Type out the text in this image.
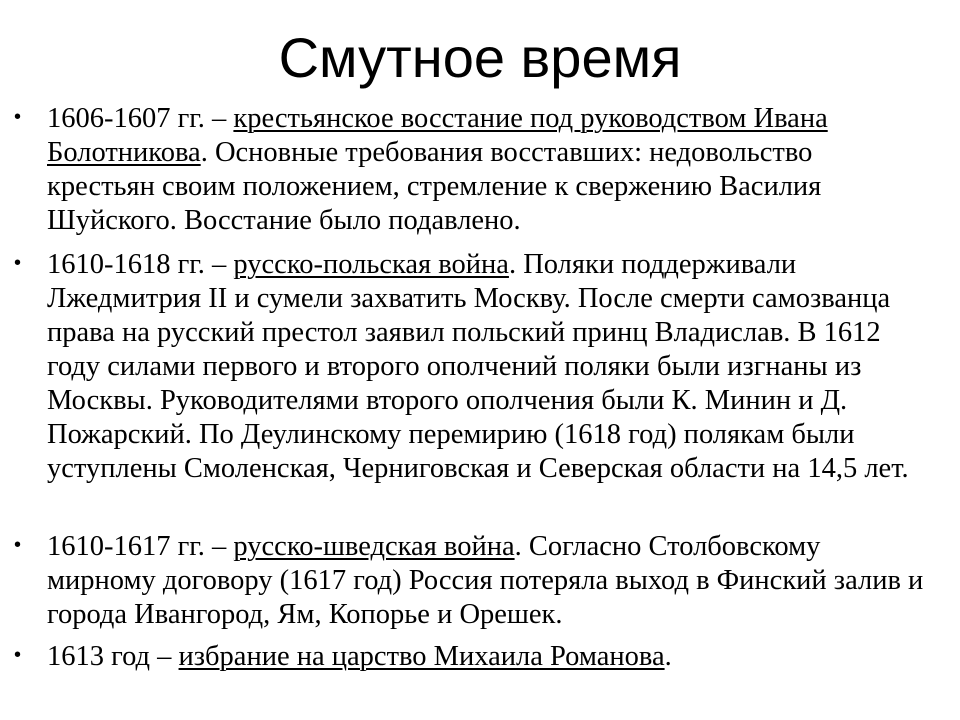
Смутное время
• 1606-1607 гг. – крестьянское восстание под руководством Ивана Болотникова. Основные требования восставших: недовольство крестьян своим положением, стремление к свержению Василия Шуйского. Восстание было подавлено.
• 1610-1618 гг. – русско-польская война. Поляки поддерживали Лжедмитрия II и сумели захватить Москву. После смерти самозванца права на русский престол заявил польский принц Владислав. В 1612 году силами первого и второго ополчений поляки были изгнаны из Москвы. Руководителями второго ополчения были К. Минин и Д. Пожарский. По Деулинскому перемирию (1618 год) полякам были уступлены Смоленская, Черниговская и Северская области на 14,5 лет.
• 1610-1617 гг. – русско-шведская война. Согласно Столбовскому мирному договору (1617 год) Россия потеряла выход в Финский залив и города Ивангород, Ям, Копорье и Орешек.
• 1613 год – избрание на царство Михаила Романова.
